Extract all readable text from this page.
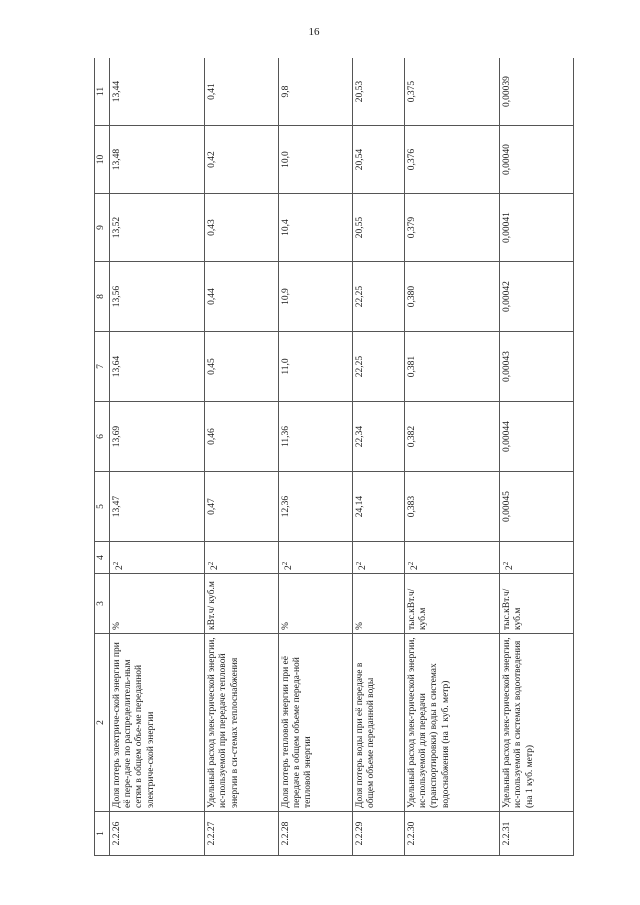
16
1	2	3	4	5	6	7	8	9	10	11
2.2.26	Доля потерь электриче-ской энергии при её пере-даче по распределитель-ным сетям в общем объе-ме переданной электриче-ской энергии	%	$2^2$	13,47	13,69	13,64	13,56	13,52	13,48	13,44
2.2.27	Удельный расход элек-трической энергии, ис-пользуемой при передаче тепловой энергии в си-стемах теплоснабжения	кВт.ч/ куб.м	$2^2$	0,47	0,46	0,45	0,44	0,43	0,42	0,41
2.2.28	Доля потерь тепловой энергии при её передаче в общем объеме переда-ной тепловой энергии	%	$2^2$	12,36	11,36	11,0	10,9	10,4	10,0	9,8
2.2.29	Доля потерь воды при её передаче в общем объеме переданной воды	%	$2^2$	24,14	22,34	22,25	22,25	20,55	20,54	20,53
2.2.30	Удельный расход элек-трической энергии, ис-пользуемой для передачи (транспортировки) воды в системах водоснабжения (на 1 куб. метр)	тыс.кВт.ч/ куб.м	$2^2$	0,383	0,382	0,381	0,380	0,379	0,376	0,375
2.2.31	Удельный расход элек-трической энергии, ис-пользуемой в системах водоотведения (на 1 куб. метр)	тыс.кВт.ч/ куб.м	$2^2$	0,00045	0,00044	0,00043	0,00042	0,00041	0,00040	0,00039
